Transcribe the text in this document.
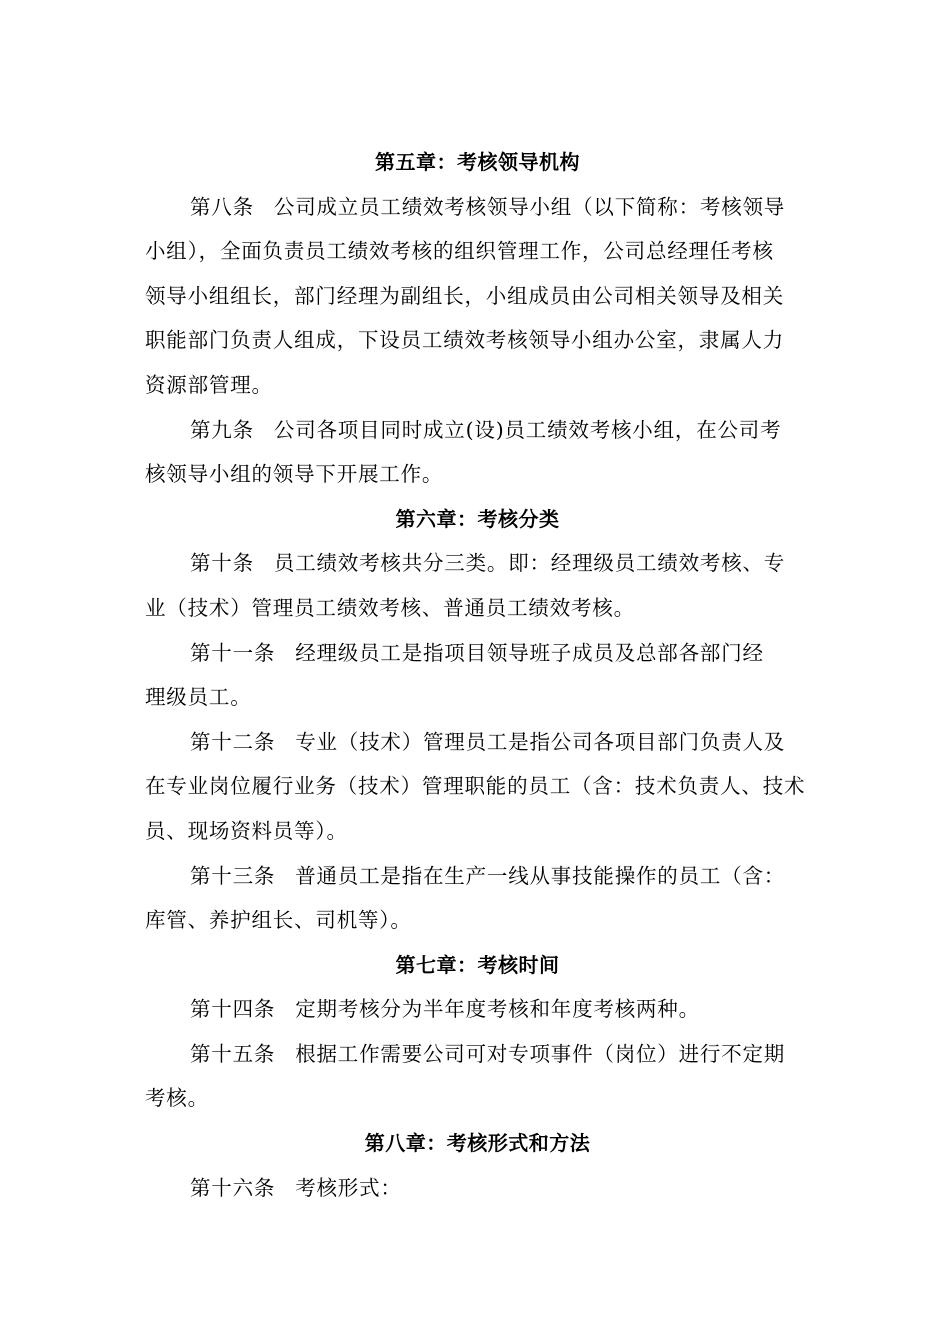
第五章：考核领导机构
第八条 公司成立员工绩效考核领导小组（以下简称：考核领导
小组），全面负责员工绩效考核的组织管理工作，公司总经理任考核
领导小组组长，部门经理为副组长，小组成员由公司相关领导及相关
职能部门负责人组成，下设员工绩效考核领导小组办公室，隶属人力
资源部管理。
第九条 公司各项目同时成立(设)员工绩效考核小组，在公司考
核领导小组的领导下开展工作。
第六章：考核分类
第十条 员工绩效考核共分三类。即：经理级员工绩效考核、专
业（技术）管理员工绩效考核、普通员工绩效考核。
第十一条 经理级员工是指项目领导班子成员及总部各部门经
理级员工。
第十二条 专业（技术）管理员工是指公司各项目部门负责人及
在专业岗位履行业务（技术）管理职能的员工（含：技术负责人、技术
员、现场资料员等）。
第十三条 普通员工是指在生产一线从事技能操作的员工（含：
库管、养护组长、司机等）。
第七章：考核时间
第十四条 定期考核分为半年度考核和年度考核两种。
第十五条 根据工作需要公司可对专项事件（岗位）进行不定期
考核。
第八章：考核形式和方法
第十六条 考核形式：
